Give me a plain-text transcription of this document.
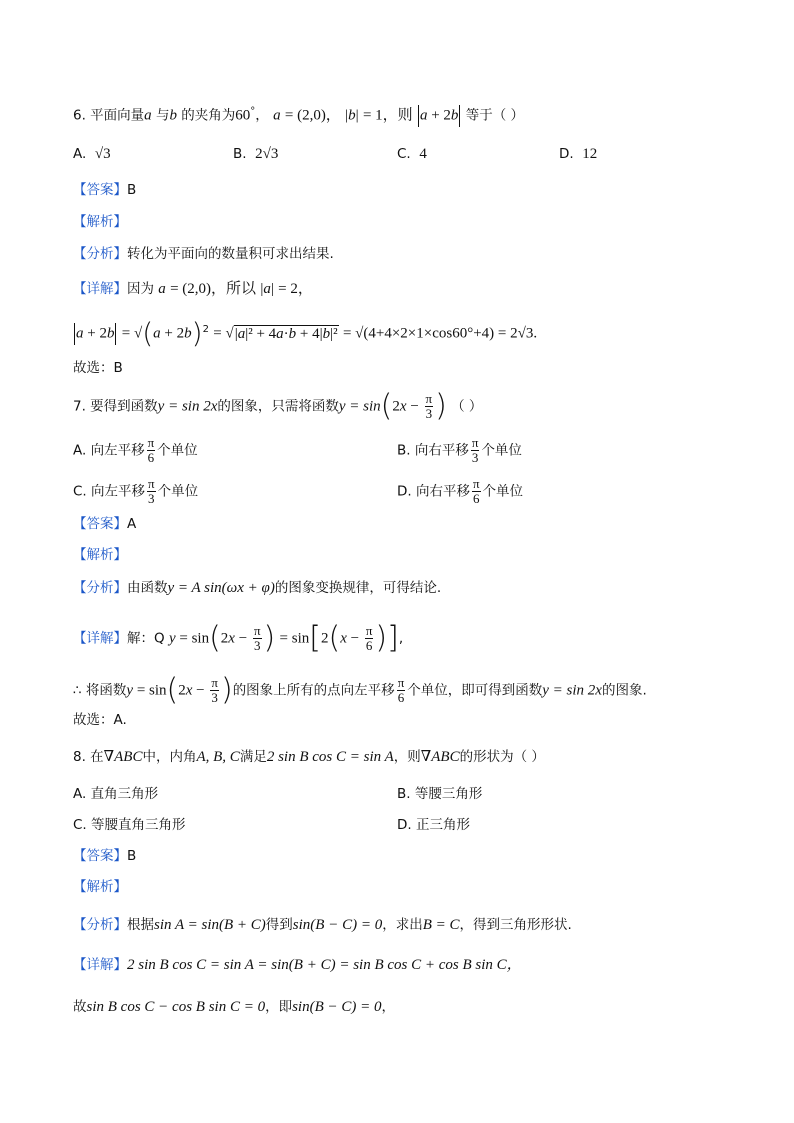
6. 平面向量a 与b 的夹角为60°， a = (2,0)， |b| = 1，则 a + 2b 等于（ ）
A. √3	B. 2√3	C. 4	D. 12
【答案】B
【解析】
【分析】转化为平面向的数量积可求出结果.
【详解】因为 a = (2,0)，所以 |a| = 2，
$a + 2b = √(a + 2b)^2 = √|a|^2 + 4a\cdot b + 4|b|^2 = √(4+4\times 2\times 1\times\cos 60^\circ+4) = 2√3$.
故选：B
7. 要得到函数y = sin 2x的图象，只需将函数$y = \sin(2x - \frac{\pi}{3}$ ) （ ）
A. 向左平移 $\frac{\pi}{6}$ 个单位	B. 向右平移 $\frac{\pi}{3}$ 个单位
C. 向左平移 $\frac{\pi}{3}$ 个单位	D. 向右平移 $\frac{\pi}{6}$ 个单位
【答案】A
【解析】
【分析】由函数y = A sin(ωx + φ)的图象变换规律，可得结论.
【详解】解：Q $y = \sin(2x - \frac{\pi}{3}$ ) = $\sin[2(x - \frac{\pi}{6}$ )],
∴ 将函数$y = \sin(2x - \frac{\pi}{3}$ )的图象上所有的点向左平移 $\frac{\pi}{6}$ 个单位，即可得到函数y = sin 2x的图象.
故选：A.
8. 在∇ABC中，内角A, B, C满足2 sin B cos C = sin A，则∇ABC的形状为（ ）
A. 直角三角形	B. 等腰三角形
C. 等腰直角三角形	D. 正三角形
【答案】B
【解析】
【分析】根据sin A = sin(B + C)得到sin(B − C) = 0，求出B = C，得到三角形形状.
【详解】2 sin B cos C = sin A = sin(B + C) = sin B cos C + cos B sin C，
故sin B cos C − cos B sin C = 0，即sin(B − C) = 0，
